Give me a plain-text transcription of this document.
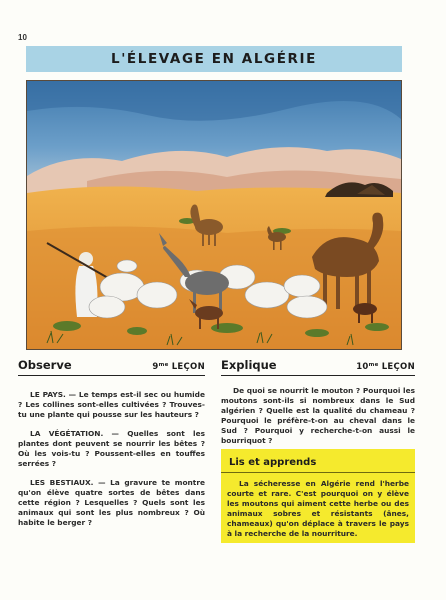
10
L'ÉLEVAGE EN ALGÉRIE
Observe	$9^{me}$ LEÇON

LE PAYS. — Le temps est-il sec ou humide ? Les collines sont-elles cultivées ? Trouves-tu une plante qui pousse sur les hauteurs ?

LA VÉGÉTATION. — Quelles sont les plantes dont peuvent se nourrir les bêtes ? Où les vois-tu ? Poussent-elles en touffes serrées ?

LES BESTIAUX. — La gravure te montre qu'on élève quatre sortes de bêtes dans cette région ? Lesquelles ? Quels sont les animaux qui sont les plus nombreux ? Où habite le berger ?

Explique	$10^{me}$ LEÇON

De quoi se nourrit le mouton ? Pourquoi les moutons sont-ils si nombreux dans le Sud algérien ? Quelle est la qualité du chameau ? Pourquoi le préfère-t-on au cheval dans le Sud ? Pourquoi y recherche-t-on aussi le bourriquot ?

Lis et apprends

La sécheresse en Algérie rend l'herbe courte et rare. C'est pourquoi on y élève les moutons qui aiment cette herbe ou des animaux sobres et résistants (ânes, chameaux) qu'on déplace à travers le pays à la recherche de la nourriture.
